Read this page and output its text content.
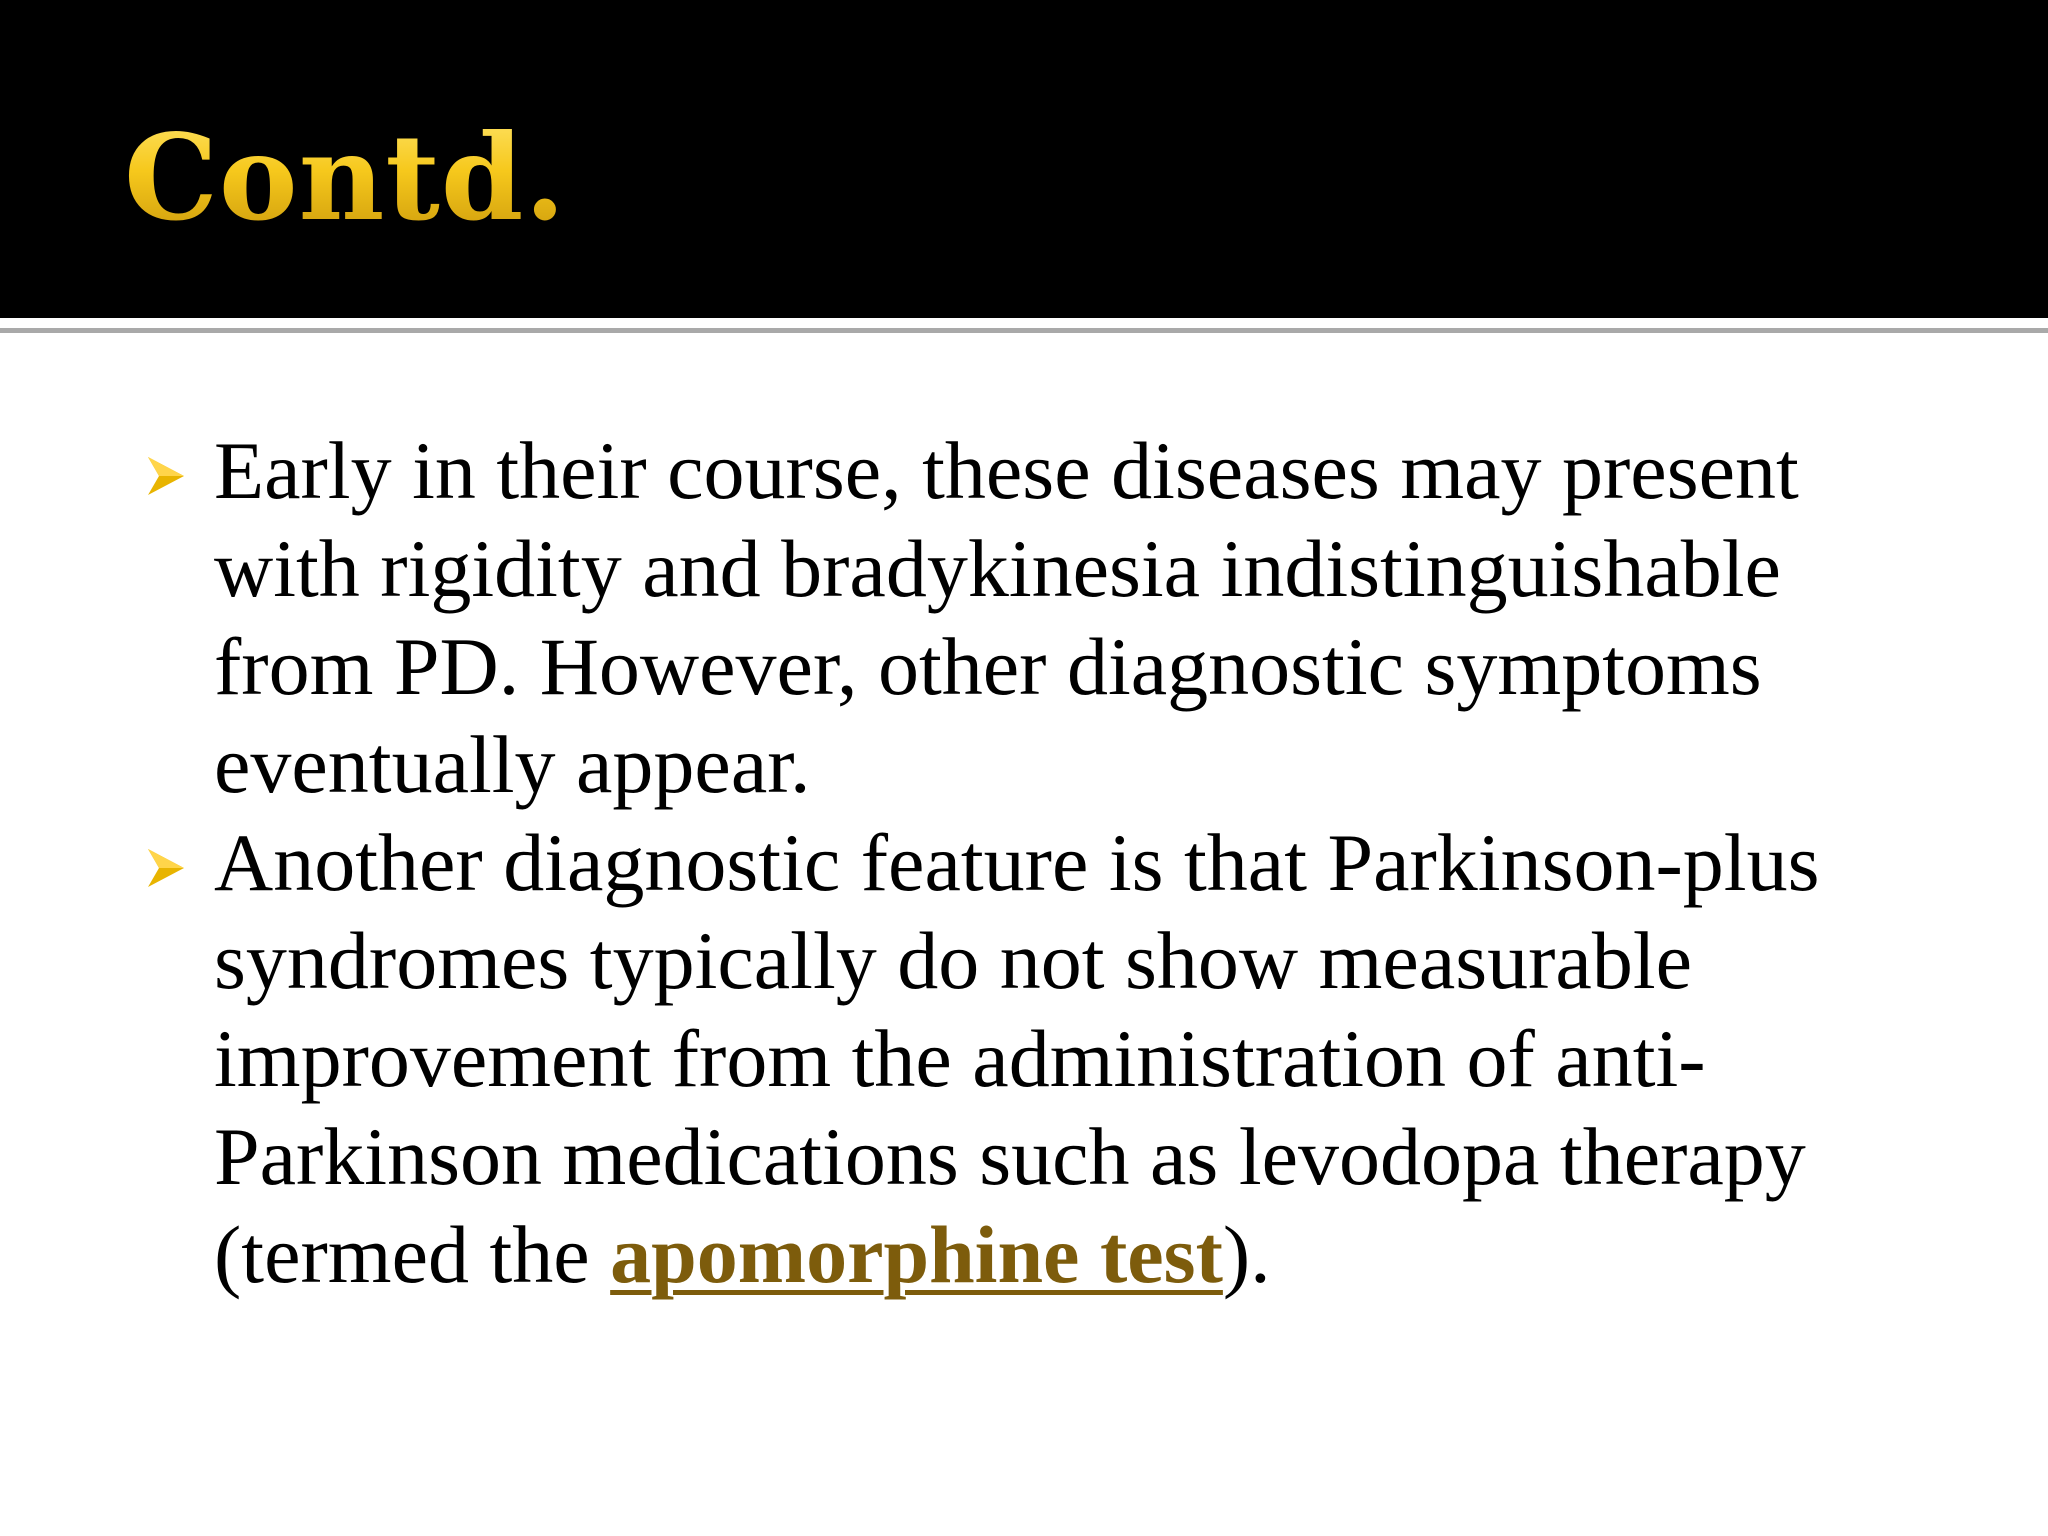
Contd.

Early in their course, these diseases may present with rigidity and bradykinesia indistinguishable from PD. However, other diagnostic symptoms eventually appear.

Another diagnostic feature is that Parkinson-plus syndromes typically do not show measurable improvement from the administration of anti-Parkinson medications such as levodopa therapy (termed the apomorphine test).
